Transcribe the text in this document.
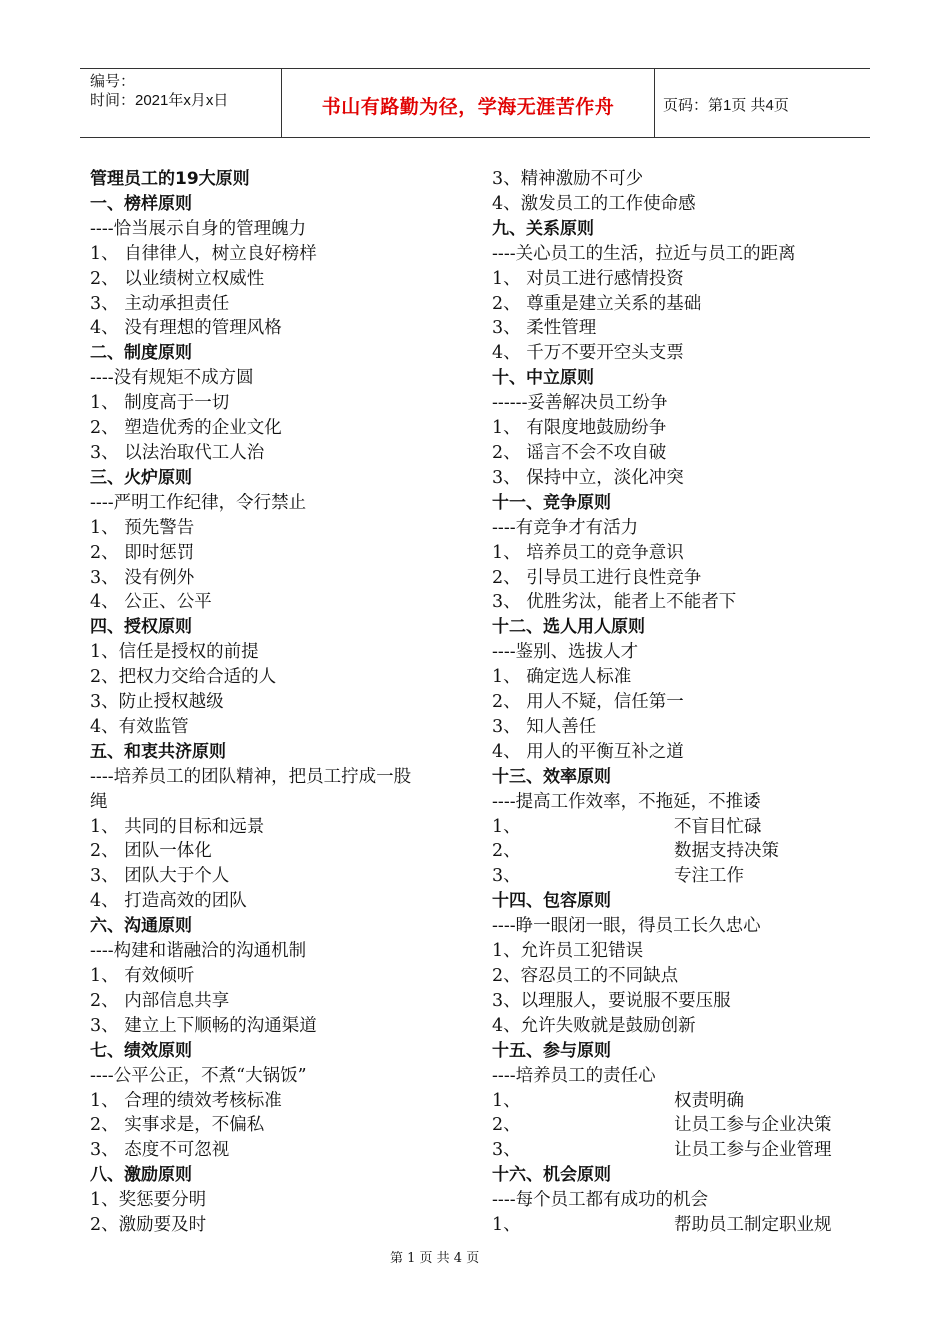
编号：
时间：2021年x月x日	书山有路勤为径，学海无涯苦作舟	页码：第1页 共4页
管理员工的19大原则
一、榜样原则
----恰当展示自身的管理魄力
1、 自律律人，树立良好榜样
2、 以业绩树立权威性
3、 主动承担责任
4、 没有理想的管理风格
二、制度原则
----没有规矩不成方圆
1、 制度高于一切
2、 塑造优秀的企业文化
3、 以法治取代工人治
三、火炉原则
----严明工作纪律，令行禁止
1、 预先警告
2、 即时惩罚
3、 没有例外
4、 公正、公平
四、授权原则
1、信任是授权的前提
2、把权力交给合适的人
3、防止授权越级
4、有效监管
五、和衷共济原则
----培养员工的团队精神，把员工拧成一股
绳
1、 共同的目标和远景
2、 团队一体化
3、 团队大于个人
4、 打造高效的团队
六、沟通原则
----构建和谐融洽的沟通机制
1、 有效倾听
2、 内部信息共享
3、 建立上下顺畅的沟通渠道
七、绩效原则
----公平公正，不煮“大锅饭”
1、 合理的绩效考核标准
2、 实事求是，不偏私
3、 态度不可忽视
八、激励原则
1、奖惩要分明
2、激励要及时
3、精神激励不可少
4、激发员工的工作使命感
九、关系原则
----关心员工的生活，拉近与员工的距离
1、 对员工进行感情投资
2、 尊重是建立关系的基础
3、 柔性管理
4、 千万不要开空头支票
十、中立原则
------妥善解决员工纷争
1、 有限度地鼓励纷争
2、 谣言不会不攻自破
3、 保持中立，淡化冲突
十一、竞争原则
----有竞争才有活力
1、 培养员工的竞争意识
2、 引导员工进行良性竞争
3、 优胜劣汰，能者上不能者下
十二、选人用人原则
----鉴别、选拔人才
1、 确定选人标准
2、 用人不疑，信任第一
3、 知人善任
4、 用人的平衡互补之道
十三、效率原则
----提高工作效率，不拖延，不推诿
1、	不盲目忙碌
2、	数据支持决策
3、	专注工作
十四、包容原则
----睁一眼闭一眼，得员工长久忠心
1、允许员工犯错误
2、容忍员工的不同缺点
3、以理服人，要说服不要压服
4、允许失败就是鼓励创新
十五、参与原则
----培养员工的责任心
1、	权责明确
2、	让员工参与企业决策
3、	让员工参与企业管理
十六、机会原则
----每个员工都有成功的机会
1、	帮助员工制定职业规
第 1 页 共 4 页
